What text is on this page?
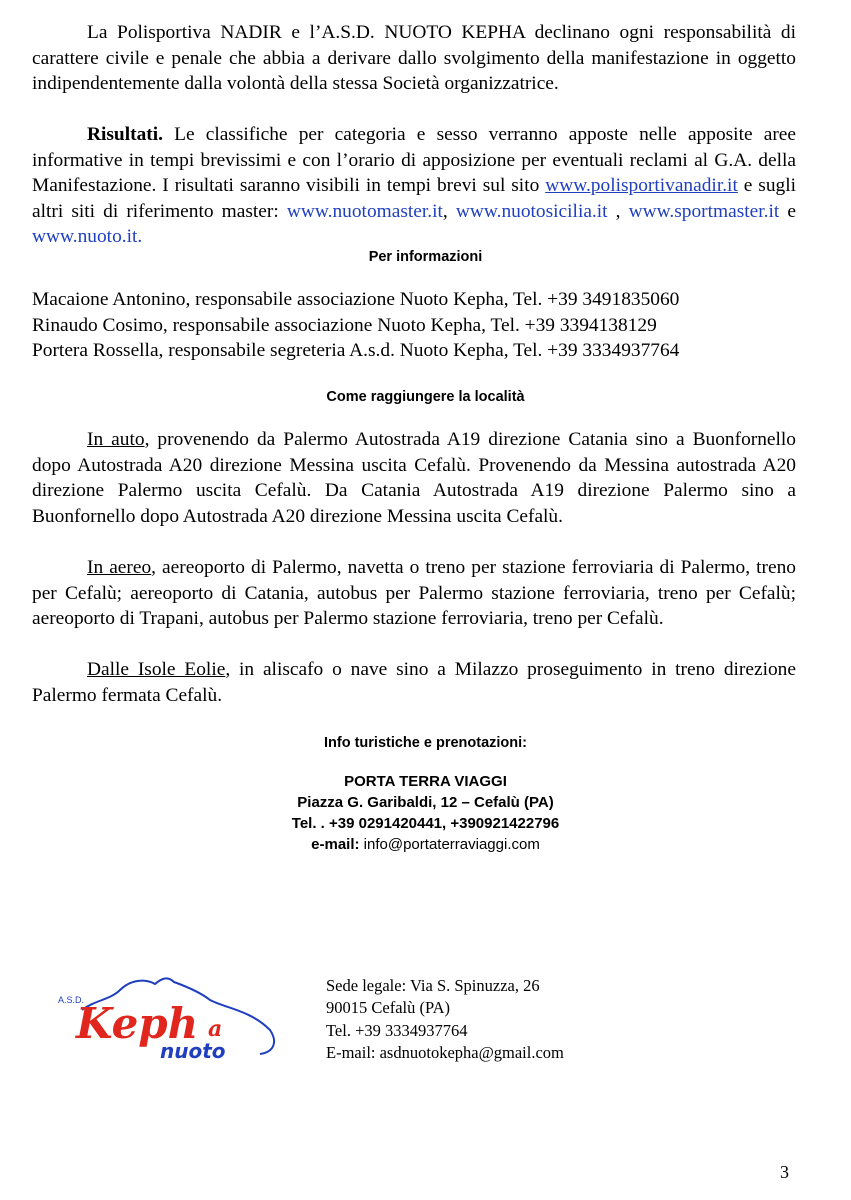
La Polisportiva NADIR e l’A.S.D. NUOTO KEPHA declinano ogni responsabilità di carattere civile e penale che abbia a derivare dallo svolgimento della manifestazione in oggetto indipendentemente dalla volontà della stessa Società organizzatrice.

Risultati. Le classifiche per categoria e sesso verranno apposte nelle apposite aree informative in tempi brevissimi e con l’orario di apposizione per eventuali reclami al G.A. della Manifestazione. I risultati saranno visibili in tempi brevi sul sito www.polisportivanadir.it e sugli altri siti di riferimento master: www.nuotomaster.it, www.nuotosicilia.it , www.sportmaster.it e www.nuoto.it.

Per informazioni
Macaione Antonino, responsabile associazione Nuoto Kepha, Tel. +39 3491835060
Rinaudo Cosimo, responsabile associazione Nuoto Kepha, Tel. +39 3394138129
Portera Rossella, responsabile segreteria A.s.d. Nuoto Kepha, Tel. +39 3334937764
Come raggiungere la località

In auto, provenendo da Palermo Autostrada A19 direzione Catania sino a Buonfornello dopo Autostrada A20 direzione Messina uscita Cefalù. Provenendo da Messina autostrada A20 direzione Palermo uscita Cefalù. Da Catania Autostrada A19 direzione Palermo sino a Buonfornello dopo Autostrada A20 direzione Messina uscita Cefalù.

In aereo, aereoporto di Palermo, navetta o treno per stazione ferroviaria di Palermo, treno per Cefalù; aereoporto di Catania, autobus per Palermo stazione ferroviaria, treno per Cefalù; aereoporto di Trapani, autobus per Palermo stazione ferroviaria, treno per Cefalù.

Dalle Isole Eolie, in aliscafo o nave sino a Milazzo proseguimento in treno direzione Palermo fermata Cefalù.

Info turistiche e prenotazioni:
PORTA TERRA VIAGGI
Piazza G. Garibaldi, 12 – Cefalù (PA)
Tel. . +39 0291420441, +390921422796
e-mail: info@portaterraviaggi.com
A.S.D.
Keph a
nuoto
Sede legale: Via S. Spinuzza, 26
90015 Cefalù (PA)
Tel. +39 3334937764
E-mail: asdnuotokepha@gmail.com
3
